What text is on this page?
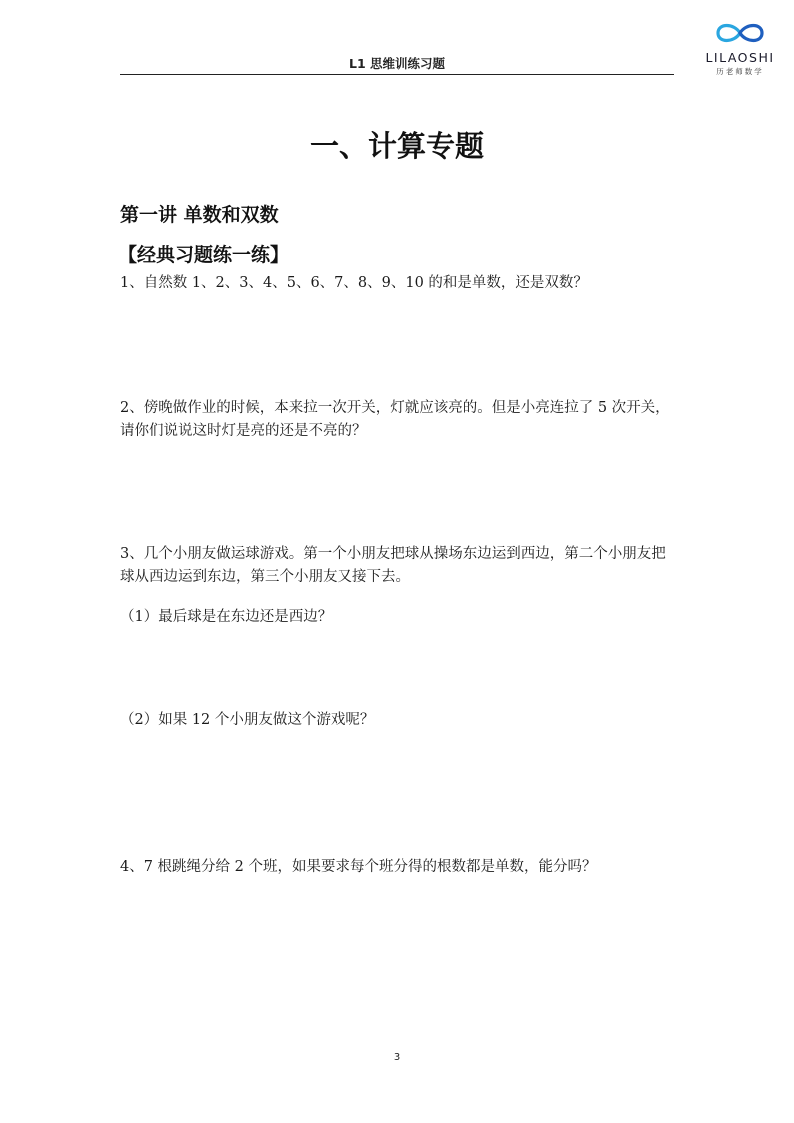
L1 思维训练习题	LILAOSHI
历老师数学
一、计算专题
第一讲 单数和双数
【经典习题练一练】
1、自然数 1、2、3、4、5、6、7、8、9、10 的和是单数，还是双数？
2、傍晚做作业的时候，本来拉一次开关，灯就应该亮的。但是小亮连拉了 5 次开关，请你们说说这时灯是亮的还是不亮的？
3、几个小朋友做运球游戏。第一个小朋友把球从操场东边运到西边，第二个小朋友把球从西边运到东边，第三个小朋友又接下去。
（1）最后球是在东边还是西边？
（2）如果 12 个小朋友做这个游戏呢？
4、7 根跳绳分给 2 个班，如果要求每个班分得的根数都是单数，能分吗？
3
